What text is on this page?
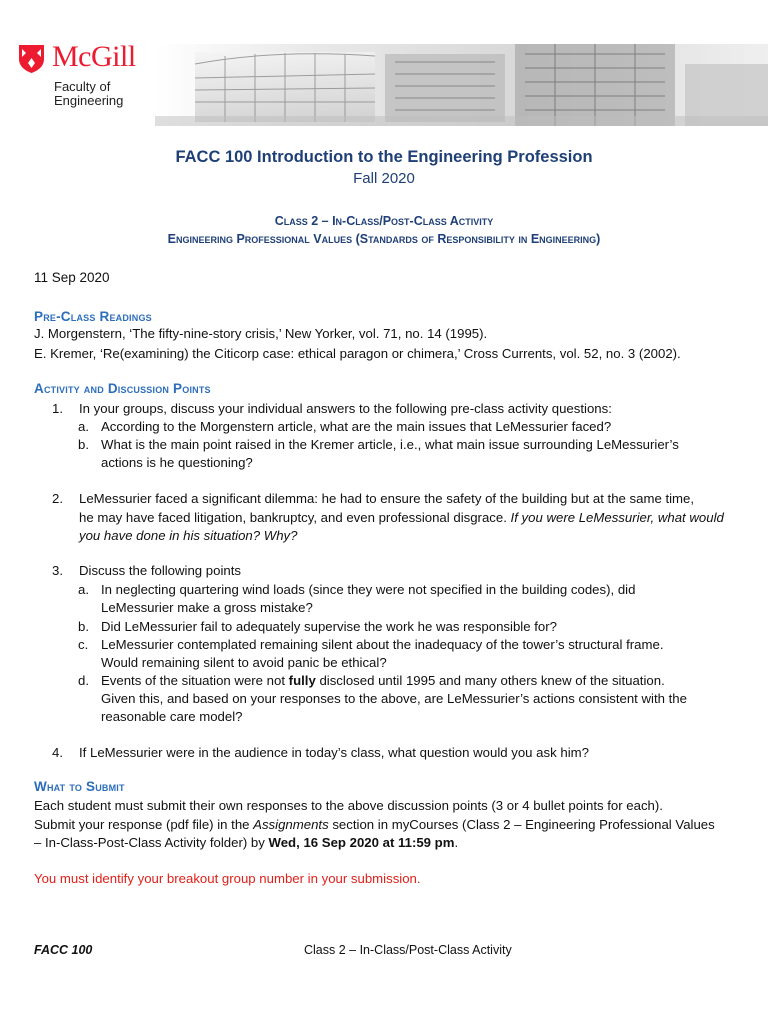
McGill
Faculty of
Engineering
FACC 100 Introduction to the Engineering Profession
Fall 2020
Class 2 – In-Class/Post-Class Activity
Engineering Professional Values (Standards of Responsibility in Engineering)
11 Sep 2020
Pre-Class Readings
J. Morgenstern, ‘The fifty-nine-story crisis,’ New Yorker, vol. 71, no. 14 (1995).
E. Kremer, ‘Re(examining) the Citicorp case: ethical paragon or chimera,’ Cross Currents, vol. 52, no. 3 (2002).
Activity and Discussion Points
1. In your groups, discuss your individual answers to the following pre-class activity questions:
a. According to the Morgenstern article, what are the main issues that LeMessurier faced?
b. What is the main point raised in the Kremer article, i.e., what main issue surrounding LeMessurier’s
actions is he questioning?
2. LeMessurier faced a significant dilemma: he had to ensure the safety of the building but at the same time,
he may have faced litigation, bankruptcy, and even professional disgrace. If you were LeMessurier, what would
you have done in his situation? Why?
3. Discuss the following points
a. In neglecting quartering wind loads (since they were not specified in the building codes), did
LeMessurier make a gross mistake?
b. Did LeMessurier fail to adequately supervise the work he was responsible for?
c. LeMessurier contemplated remaining silent about the inadequacy of the tower’s structural frame.
Would remaining silent to avoid panic be ethical?
d. Events of the situation were not fully disclosed until 1995 and many others knew of the situation.
Given this, and based on your responses to the above, are LeMessurier’s actions consistent with the
reasonable care model?
4. If LeMessurier were in the audience in today’s class, what question would you ask him?
What to Submit
Each student must submit their own responses to the above discussion points (3 or 4 bullet points for each).
Submit your response (pdf file) in the Assignments section in myCourses (Class 2 – Engineering Professional Values
– In-Class-Post-Class Activity folder) by Wed, 16 Sep 2020 at 11:59 pm.
You must identify your breakout group number in your submission.
FACC 100	Class 2 – In-Class/Post-Class Activity
